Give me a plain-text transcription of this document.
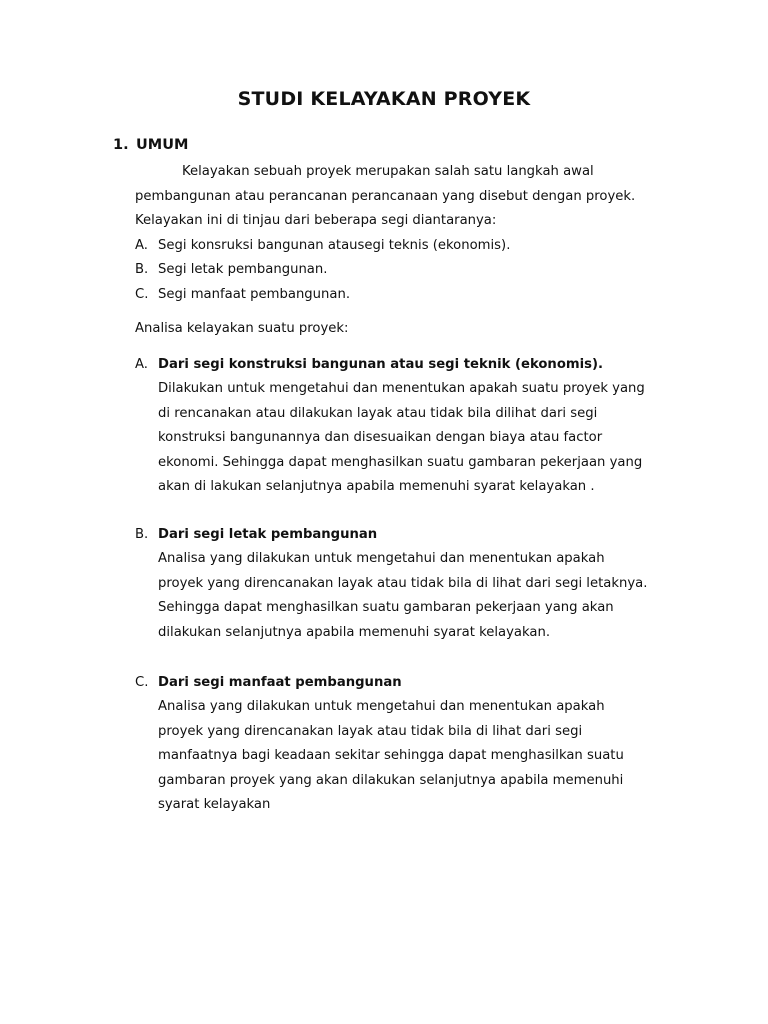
STUDI KELAYAKAN PROYEK
1. UMUM

Kelayakan sebuah proyek merupakan salah satu langkah awal

pembangunan atau perancanan perancanaan yang disebut dengan proyek.

Kelayakan ini di tinjau dari beberapa segi diantaranya:

A. Segi konsruksi bangunan atausegi teknis (ekonomis).
B. Segi letak pembangunan.
C. Segi manfaat pembangunan.

Analisa kelayakan suatu proyek:

A. Dari segi konstruksi bangunan atau segi teknik (ekonomis).
Dilakukan untuk mengetahui dan menentukan apakah suatu proyek yang
di rencanakan atau dilakukan layak atau tidak bila dilihat dari segi
konstruksi bangunannya dan disesuaikan dengan biaya atau factor
ekonomi. Sehingga dapat menghasilkan suatu gambaran pekerjaan yang
akan di lakukan selanjutnya apabila memenuhi syarat kelayakan .
B. Dari segi letak pembangunan
Analisa yang dilakukan untuk mengetahui dan menentukan apakah
proyek yang direncanakan layak atau tidak bila di lihat dari segi letaknya.
Sehingga dapat menghasilkan suatu gambaran pekerjaan yang akan
dilakukan selanjutnya apabila memenuhi syarat kelayakan.
C. Dari segi manfaat pembangunan
Analisa yang dilakukan untuk mengetahui dan menentukan apakah
proyek yang direncanakan layak atau tidak bila di lihat dari segi
manfaatnya bagi keadaan sekitar sehingga dapat menghasilkan suatu
gambaran proyek yang akan dilakukan selanjutnya apabila memenuhi
syarat kelayakan
